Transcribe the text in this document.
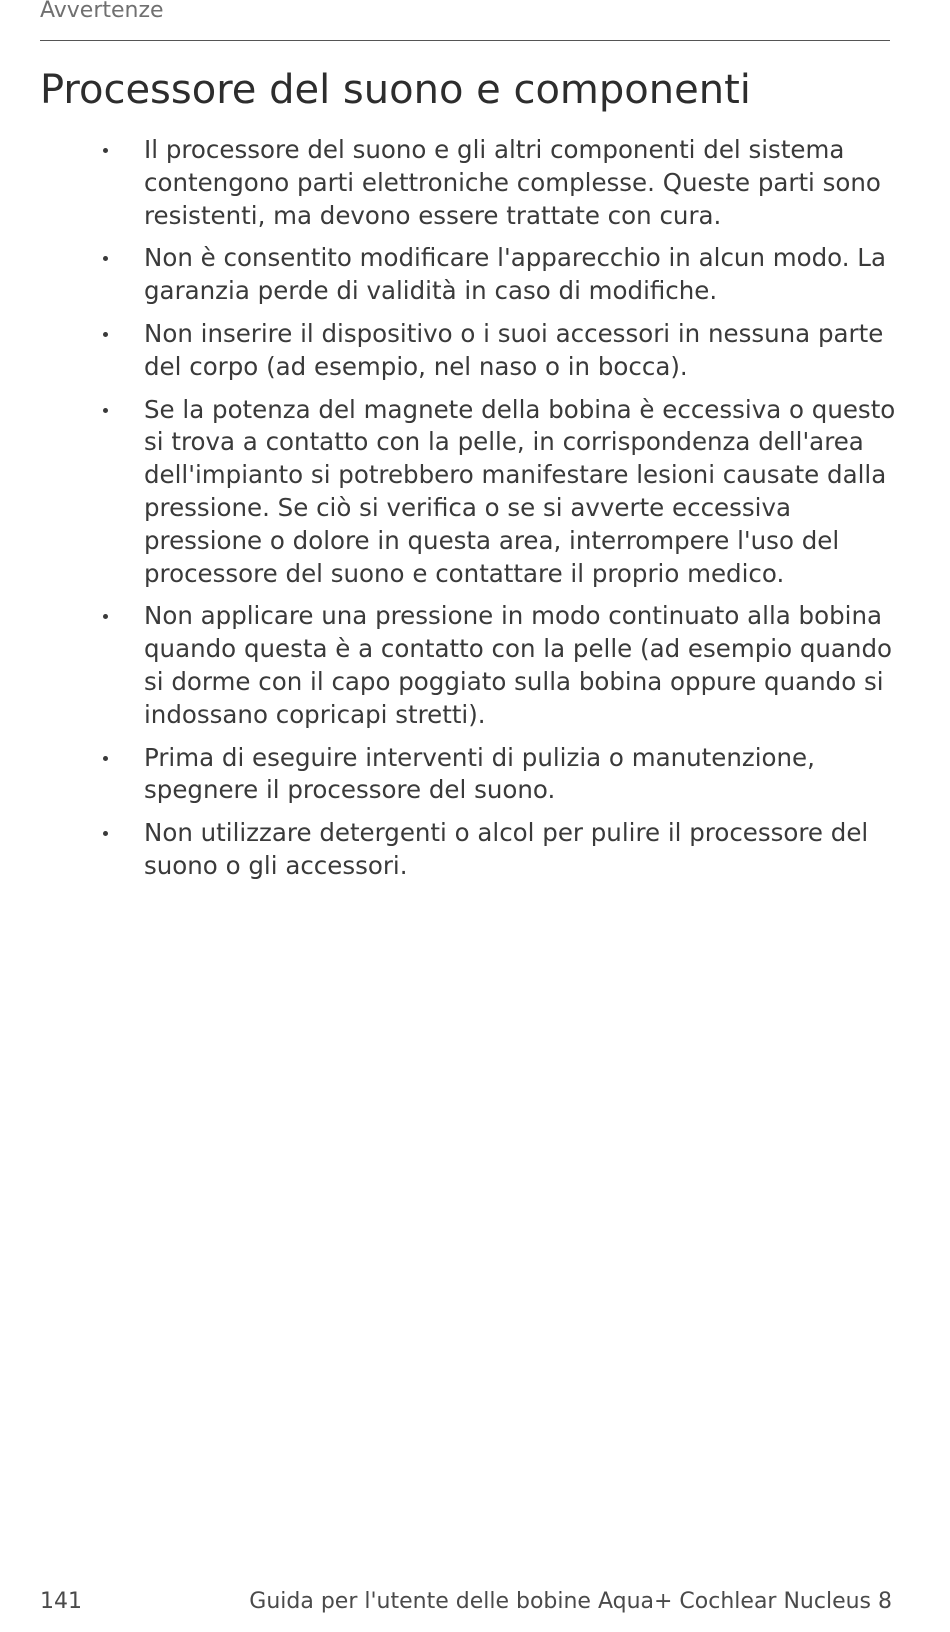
Avvertenze
Processore del suono e componenti
Il processore del suono e gli altri componenti del sistema contengono parti elettroniche complesse. Queste parti sono resistenti, ma devono essere trattate con cura.
Non è consentito modificare l'apparecchio in alcun modo. La garanzia perde di validità in caso di modifiche.
Non inserire il dispositivo o i suoi accessori in nessuna parte del corpo (ad esempio, nel naso o in bocca).
Se la potenza del magnete della bobina è eccessiva o questo si trova a contatto con la pelle, in corrispondenza dell'area dell'impianto si potrebbero manifestare lesioni causate dalla pressione. Se ciò si verifica o se si avverte eccessiva pressione o dolore in questa area, interrompere l'uso del processore del suono e contattare il proprio medico.
Non applicare una pressione in modo continuato alla bobina quando questa è a contatto con la pelle (ad esempio quando si dorme con il capo poggiato sulla bobina oppure quando si indossano copricapi stretti).
Prima di eseguire interventi di pulizia o manutenzione, spegnere il processore del suono.
Non utilizzare detergenti o alcol per pulire il processore del suono o gli accessori.
141	Guida per l'utente delle bobine Aqua+ Cochlear Nucleus 8
